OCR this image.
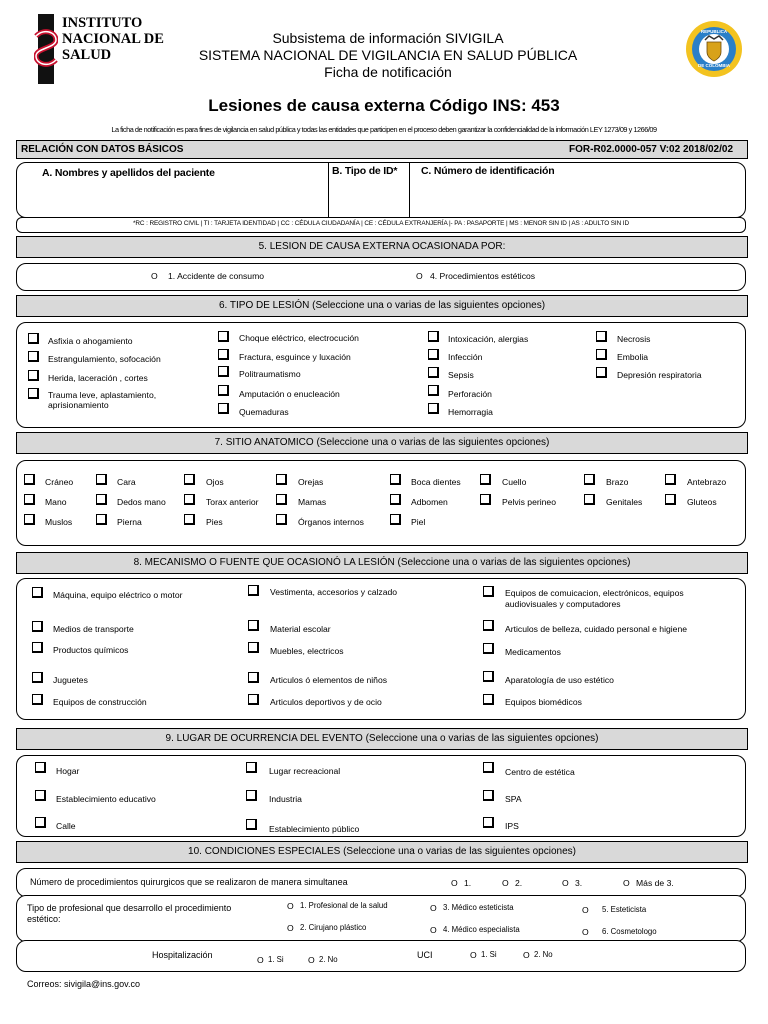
INSTITUTO
NACIONAL DE
SALUD
Subsistema de información SIVIGILA
SISTEMA NACIONAL DE VIGILANCIA EN SALUD PÚBLICA
Ficha de notificación
REPUBLICA
DE COLOMBIA
Lesiones de causa externa Código INS: 453
La ficha de notificación es para fines de vigilancia en salud pública y todas las entidades que participen en el proceso deben garantizar la confidencialidad de la información LEY 1273/09 y 1266/09
RELACIÓN CON DATOS BÁSICOS	FOR-R02.0000-057 V:02 2018/02/02
A. Nombres y apellidos del paciente	B. Tipo de ID* C. Número de identificación
*RC : REGISTRO CIVIL | TI : TARJETA IDENTIDAD | CC : CÉDULA CIUDADANÍA | CE : CÉDULA EXTRANJERÍA |- PA : PASAPORTE | MS : MENOR SIN ID | AS : ADULTO SIN ID
5. LESION DE CAUSA EXTERNA OCASIONADA POR:
O 1. Accidente de consumo	O 4. Procedimientos estéticos
6. TIPO DE LESIÓN (Seleccione una o varias de las siguientes opciones)
Asfixia o ahogamiento
Estrangulamiento, sofocación
Herida, laceración , cortes
Trauma leve, aplastamiento,
aprisionamiento
Choque eléctrico, electrocución
Fractura, esguince y luxación
Politraumatismo
Amputación o enucleación
Quemaduras
Intoxicación, alergias
Infección
Sepsis
Perforación
Hemorragia
Necrosis
Embolia
Depresión respiratoria
7. SITIO ANATOMICO (Seleccione una o varias de las siguientes opciones)
Cráneo	Cara	Ojos	Orejas	Boca dientes	Cuello	Brazo	Antebrazo
Mano	Dedos mano	Torax anterior	Mamas	Adbomen	Pelvis perineo	Genitales	Gluteos
Muslos	Pierna	Pies	Órganos internos	Piel
8. MECANISMO O FUENTE QUE OCASIONÓ LA LESIÓN (Seleccione una o varias de las siguientes opciones)
Máquina, equipo eléctrico o motor
Medios de transporte
Productos químicos
Juguetes
Equipos de construcción
Vestimenta, accesorios y calzado
Material escolar
Muebles, electricos
Articulos ó elementos de niños
Articulos deportivos y de ocio
Equipos de comuicacion, electrónicos, equipos
audiovisuales y computadores
Articulos de belleza, cuidado personal e higiene
Medicamentos
Aparatología de uso estético
Equipos biomédicos
9. LUGAR DE OCURRENCIA DEL EVENTO (Seleccione una o varias de las siguientes opciones)
Hogar
Establecimiento educativo
Calle
Lugar recreacional
Industria
Establecimiento público
Centro de estética
SPA
IPS
10. CONDICIONES ESPECIALES (Seleccione una o varias de las siguientes opciones)
Número de procedimientos quirurgicos que se realizaron de manera simultanea	O 1.	O 2.	O 3.	O Más de 3.
Tipo de profesional que desarrollo el procedimiento
estético:
O 1. Profesional de la salud
O 2. Cirujano plástico
O 3. Médico esteticista
O 4. Médico especialista
O 5. Esteticista
O 6. Cosmetologo
Hospitalización	O 1. Si	O 2. No	UCI	O 1. Si	O 2. No
Correos: sivigila@ins.gov.co
